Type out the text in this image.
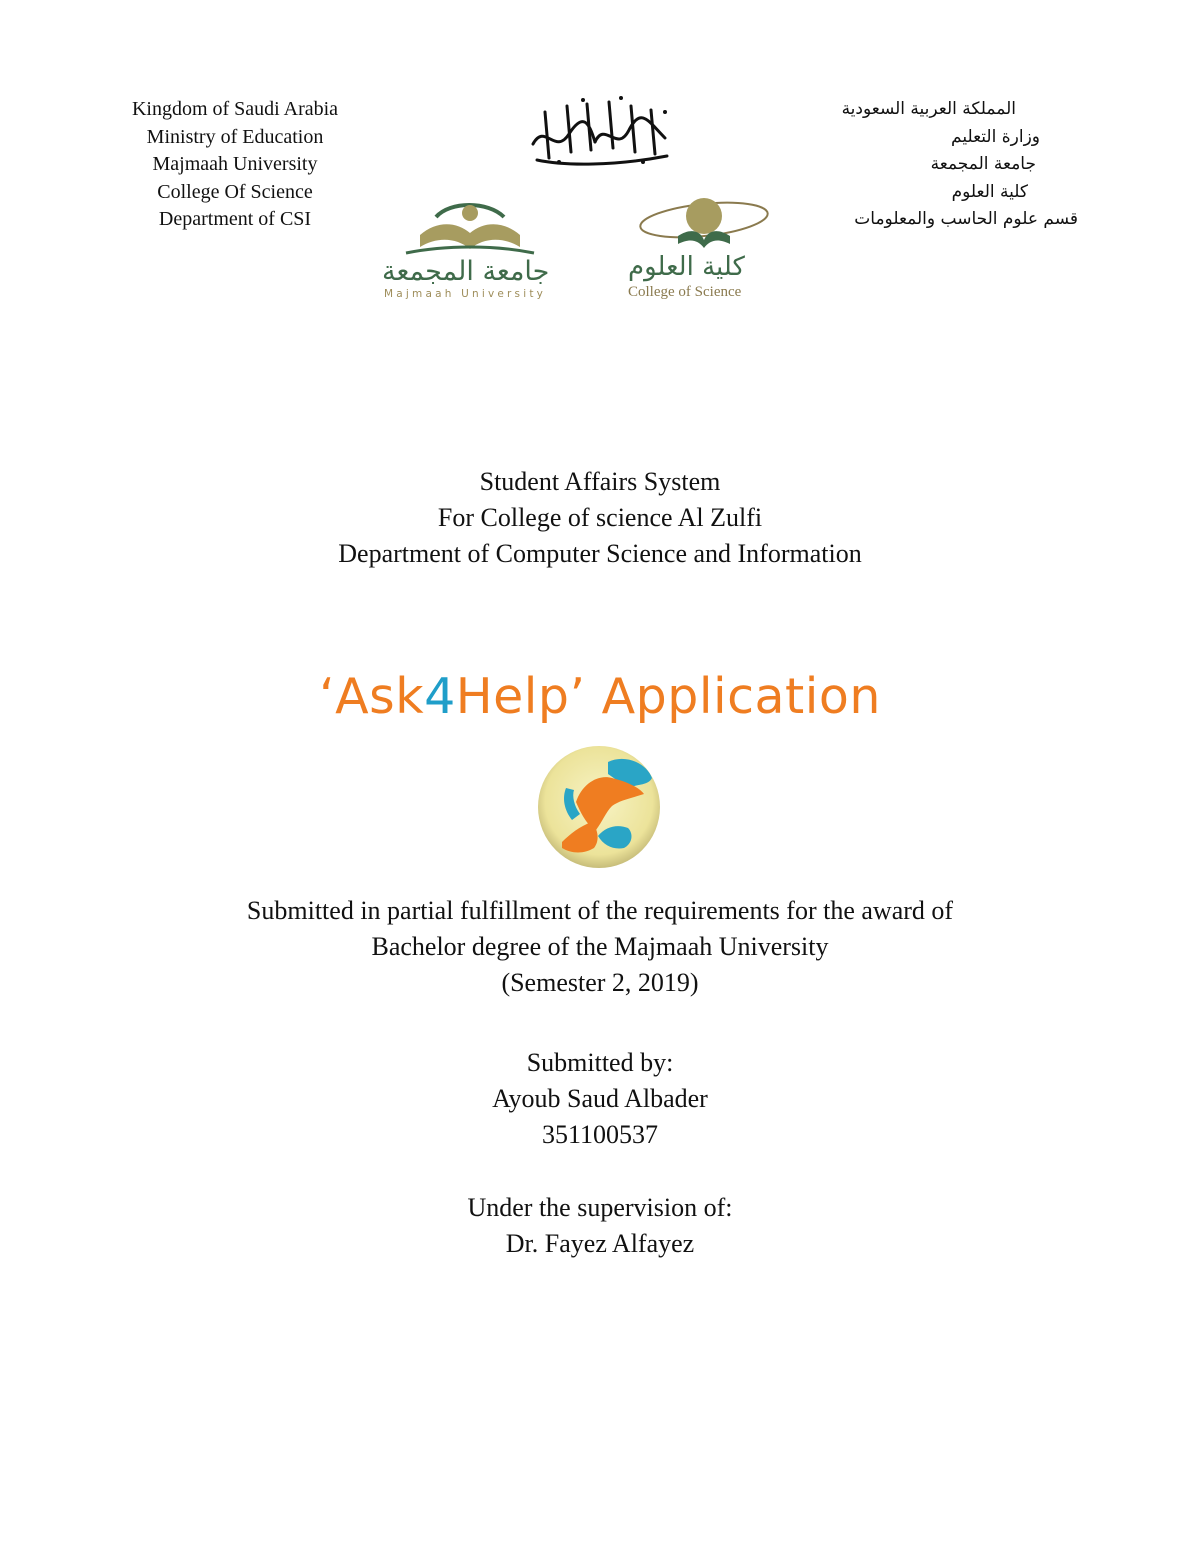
Kingdom of Saudi Arabia
Ministry of Education
Majmaah University
College Of Science
Department of CSI
جامعة المجمعة
Majmaah University
كلية العلوم
College of Science
المملكة العربية السعودية
وزارة التعليم
جامعة المجمعة
كلية العلوم
قسم علوم الحاسب والمعلومات
Student Affairs System
For College of science Al Zulfi
Department of Computer Science and Information
‘Ask4Help’ Application
Submitted in partial fulfillment of the requirements for the award of
Bachelor degree of the Majmaah University
(Semester 2, 2019)
Submitted by:
Ayoub Saud Albader
351100537
Under the supervision of:
Dr. Fayez Alfayez
